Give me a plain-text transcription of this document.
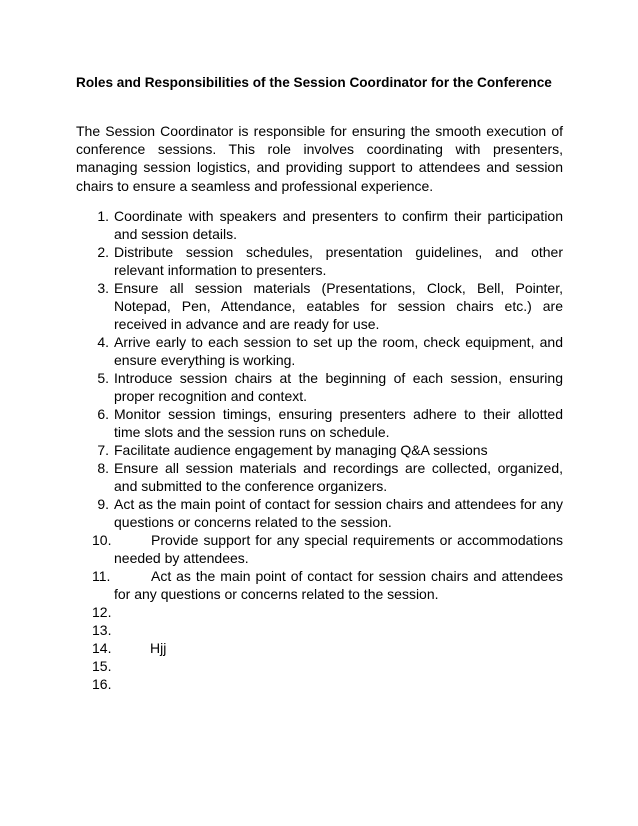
Roles and Responsibilities of the Session Coordinator for the Conference
The Session Coordinator is responsible for ensuring the smooth execution of conference sessions. This role involves coordinating with presenters, managing session logistics, and providing support to attendees and session chairs to ensure a seamless and professional experience.
1. Coordinate with speakers and presenters to confirm their participation and session details.
2. Distribute session schedules, presentation guidelines, and other relevant information to presenters.
3. Ensure all session materials (Presentations, Clock, Bell, Pointer, Notepad, Pen, Attendance, eatables for session chairs etc.) are received in advance and are ready for use.
4. Arrive early to each session to set up the room, check equipment, and ensure everything is working.
5. Introduce session chairs at the beginning of each session, ensuring proper recognition and context.
6. Monitor session timings, ensuring presenters adhere to their allotted time slots and the session runs on schedule.
7. Facilitate audience engagement by managing Q&A sessions
8. Ensure all session materials and recordings are collected, organized, and submitted to the conference organizers.
9. Act as the main point of contact for session chairs and attendees for any questions or concerns related to the session.
10.	Provide support for any special requirements or accommodations needed by attendees.
11.	Act as the main point of contact for session chairs and attendees for any questions or concerns related to the session.
12.
13.
14.	Hjj
15.
16.
